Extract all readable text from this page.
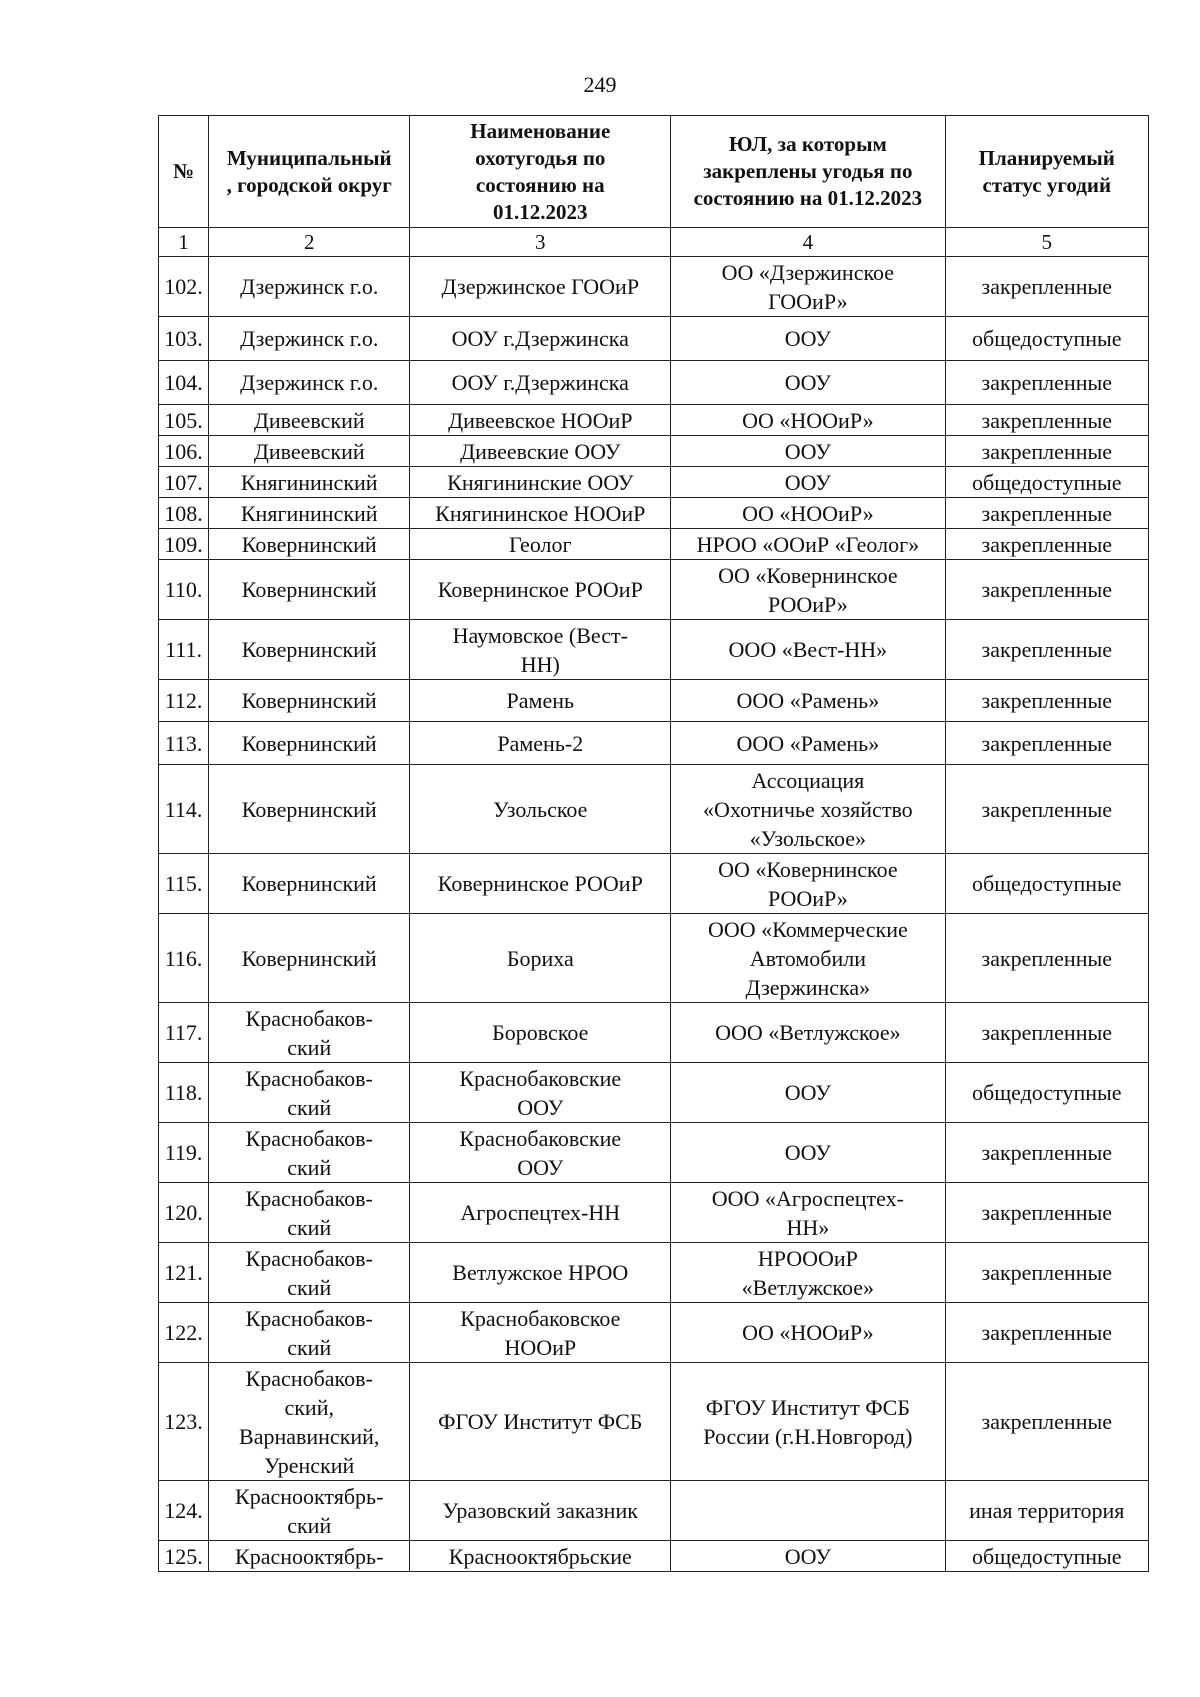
249
№	Муниципальный
, городской округ	Наименование
охотугодья по
состоянию на
01.12.2023	ЮЛ, за которым
закреплены угодья по
состоянию на 01.12.2023	Планируемый
статус угодий
1	2	3	4	5
102.	Дзержинск г.о.	Дзержинское ГООиР	ОО «Дзержинское
ГООиР»	закрепленные
103.	Дзержинск г.о.	ООУ г.Дзержинска	ООУ	общедоступные
104.	Дзержинск г.о.	ООУ г.Дзержинска	ООУ	закрепленные
105.	Дивеевский	Дивеевское НООиР	ОО «НООиР»	закрепленные
106.	Дивеевский	Дивеевские ООУ	ООУ	закрепленные
107.	Княгининский	Княгининские ООУ	ООУ	общедоступные
108.	Княгининский	Княгининское НООиР	ОО «НООиР»	закрепленные
109.	Ковернинский	Геолог	НРОО «ООиР «Геолог»	закрепленные
110.	Ковернинский	Ковернинское РООиР	ОО «Ковернинское
РООиР»	закрепленные
111.	Ковернинский	Наумовское (Вест-
НН)	ООО «Вест-НН»	закрепленные
112.	Ковернинский	Рамень	ООО «Рамень»	закрепленные
113.	Ковернинский	Рамень-2	ООО «Рамень»	закрепленные
114.	Ковернинский	Узольское	Ассоциация
«Охотничье хозяйство
«Узольское»	закрепленные
115.	Ковернинский	Ковернинское РООиР	ОО «Ковернинское
РООиР»	общедоступные
116.	Ковернинский	Бориха	ООО «Коммерческие
Автомобили
Дзержинска»	закрепленные
117.	Краснобаков-
ский	Боровское	ООО «Ветлужское»	закрепленные
118.	Краснобаков-
ский	Краснобаковские
ООУ	ООУ	общедоступные
119.	Краснобаков-
ский	Краснобаковские
ООУ	ООУ	закрепленные
120.	Краснобаков-
ский	Агроспецтех-НН	ООО «Агроспецтех-
НН»	закрепленные
121.	Краснобаков-
ский	Ветлужское НРОО	НРОООиР
«Ветлужское»	закрепленные
122.	Краснобаков-
ский	Краснобаковское
НООиР	ОО «НООиР»	закрепленные
123.	Краснобаков-
ский,
Варнавинский,
Уренский	ФГОУ Институт ФСБ	ФГОУ Институт ФСБ
России (г.Н.Новгород)	закрепленные
124.	Краснооктябрь-
ский	Уразовский заказник		иная территория
125.	Краснооктябрь-	Краснооктябрьские	ООУ	общедоступные
